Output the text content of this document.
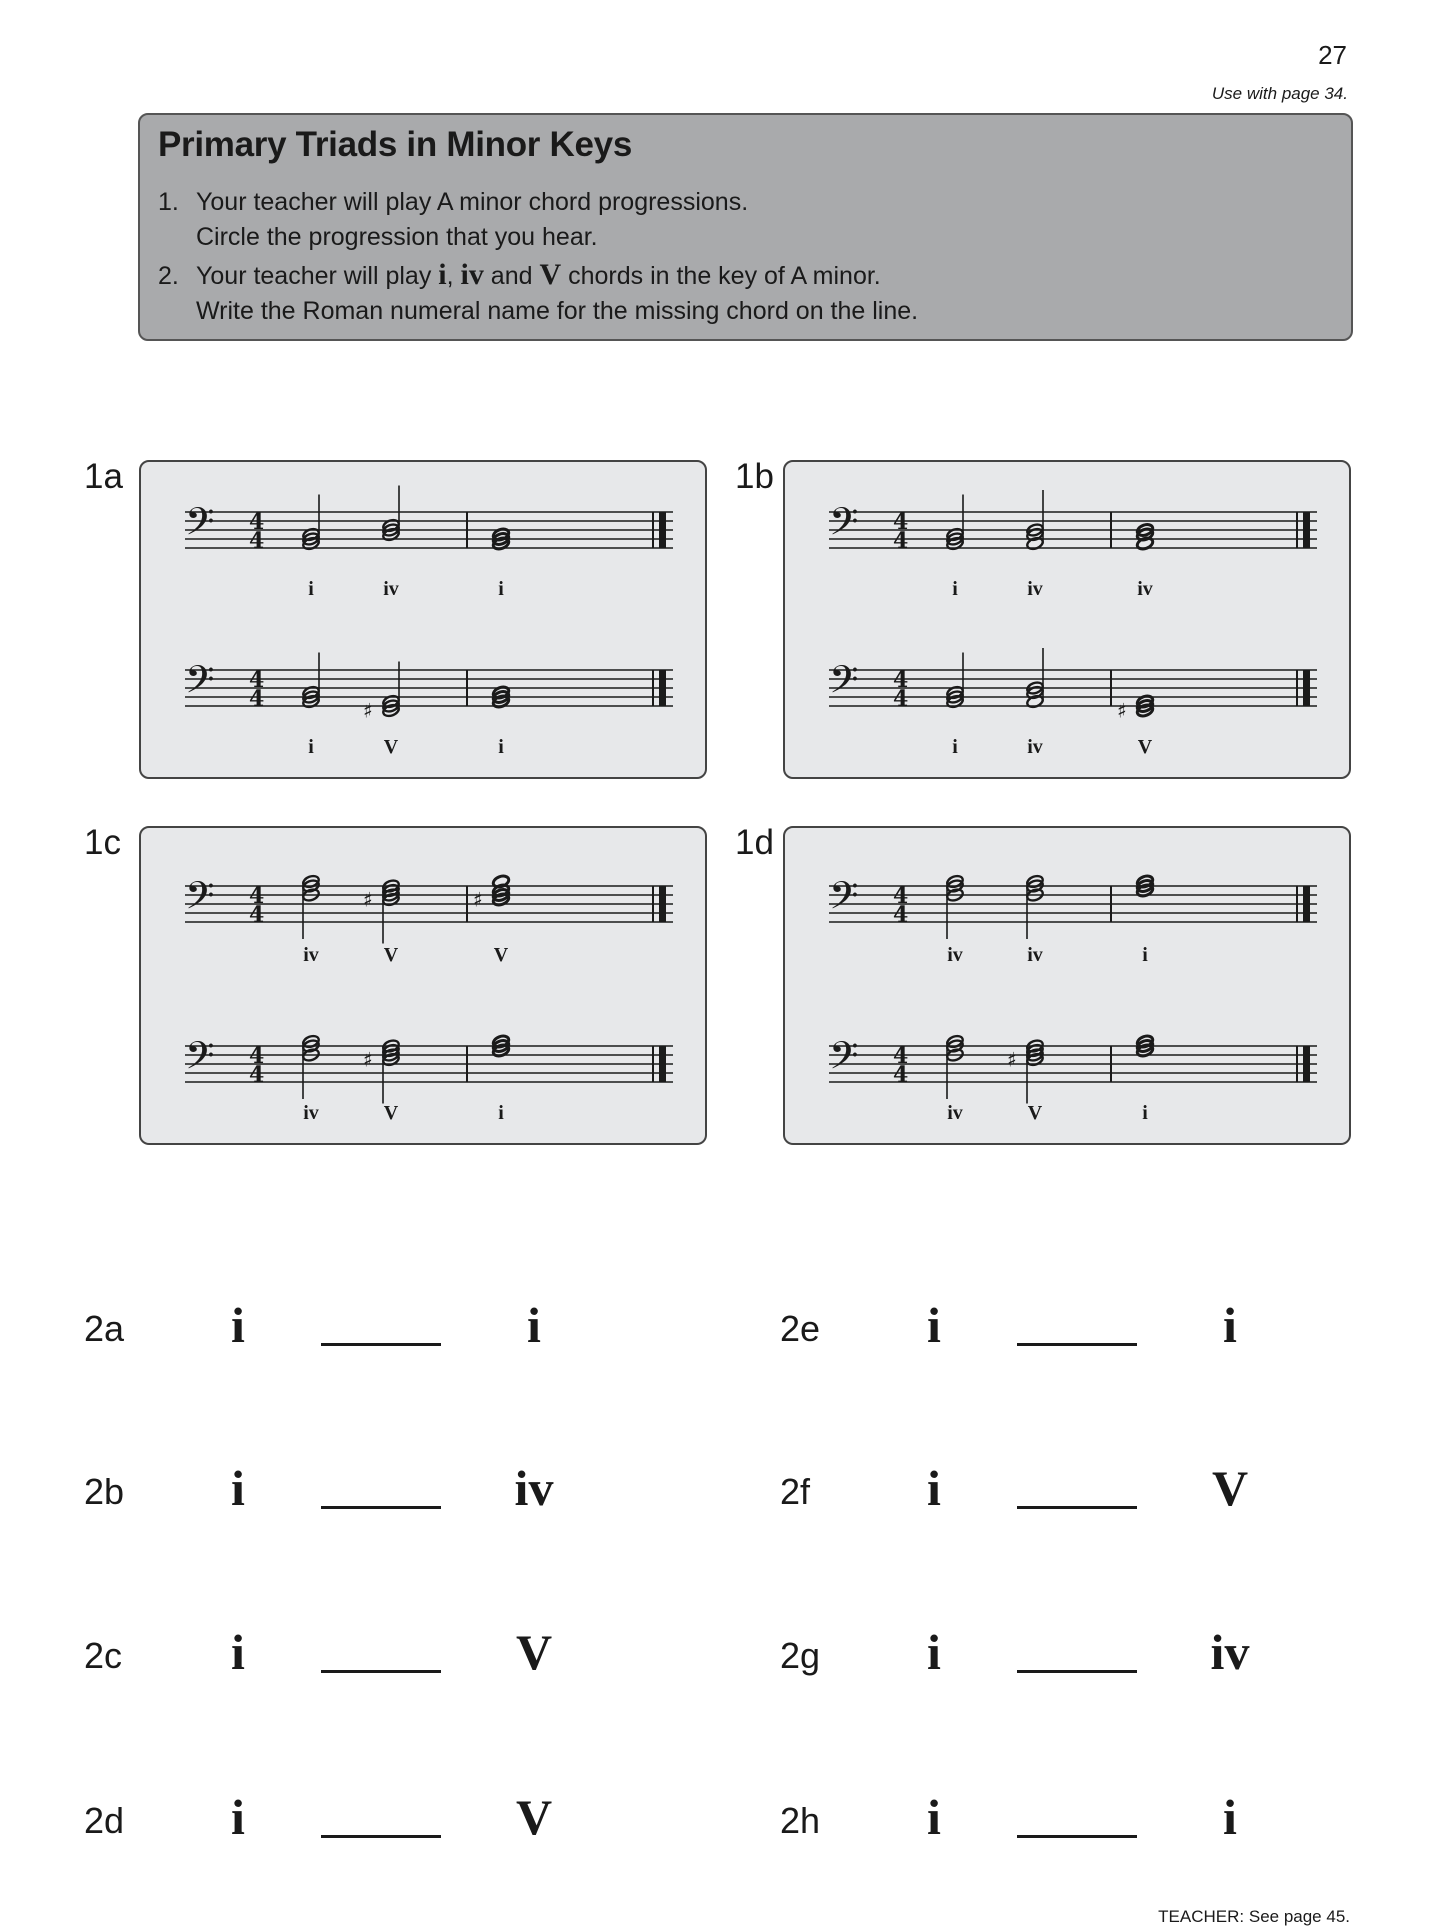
27
Use with page 34.
Primary Triads in Minor Keys
1. Your teacher will play A minor chord progressions.
Circle the progression that you hear.
2. Your teacher will play i, iv and V chords in the key of A minor.
Write the Roman numeral name for the missing chord on the line.
1a	1b
1c	1d
𝄢 4
4
𝄢 4
4	♯
i	iv	i
i	V	i
𝄢 4
4
𝄢 4
4	♯
i	iv	iv
i	iv	V
𝄢 4
4
♯	♯
𝄢 4
4
♯
iv	V	V
iv	V	i
𝄢 4
4
𝄢 4
4
♯
iv	iv	i
iv	V	i
2a i	i
2b i	iv
2c i	V
2d i	V
2e i	i
2f i	V
2g i	iv
2h i	i
TEACHER: See page 45.
